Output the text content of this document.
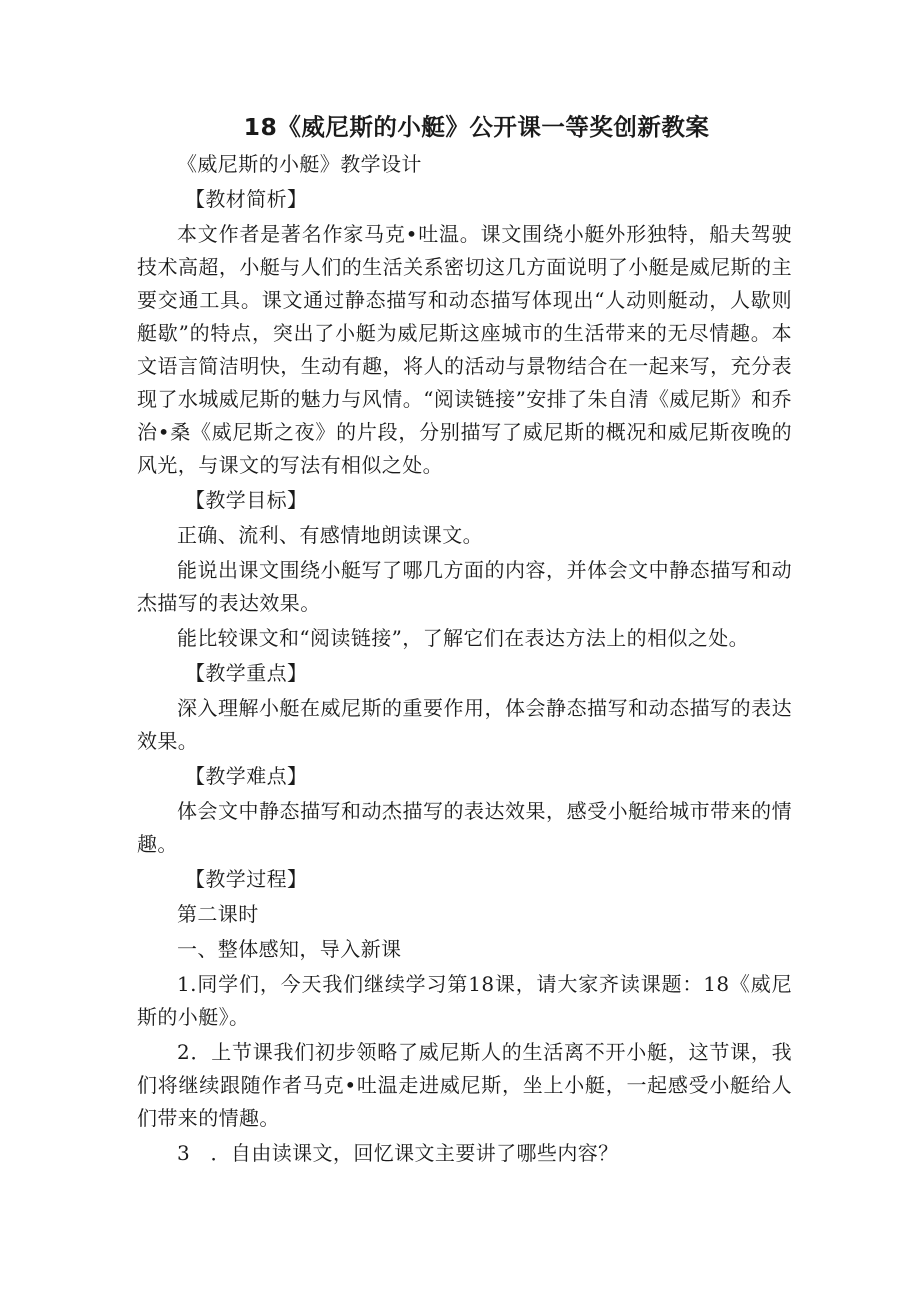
18《威尼斯的小艇》公开课一等奖创新教案

《威尼斯的小艇》教学设计

【教材简析】

本文作者是著名作家马克•吐温。课文围绕小艇外形独特，船夫驾驶技术高超，小艇与人们的生活关系密切这几方面说明了小艇是威尼斯的主要交通工具。课文通过静态描写和动态描写体现出“人动则艇动，人歇则艇歇”的特点，突出了小艇为威尼斯这座城市的生活带来的无尽情趣。本文语言简洁明快，生动有趣，将人的活动与景物结合在一起来写，充分表现了水城威尼斯的魅力与风情。“阅读链接”安排了朱自清《威尼斯》和乔治•桑《威尼斯之夜》的片段，分别描写了威尼斯的概况和威尼斯夜晚的风光，与课文的写法有相似之处。

【教学目标】

正确、流利、有感情地朗读课文。

能说出课文围绕小艇写了哪几方面的内容，并体会文中静态描写和动杰描写的表达效果。

能比较课文和“阅读链接”，了解它们在表达方法上的相似之处。

【教学重点】

深入理解小艇在威尼斯的重要作用，体会静态描写和动态描写的表达效果。

【教学难点】

体会文中静态描写和动杰描写的表达效果，感受小艇给城市带来的情趣。

【教学过程】

第二课时

一、整体感知，导入新课

1.同学们，今天我们继续学习第18课，请大家齐读课题：18《威尼斯的小艇》。

2．上节课我们初步领略了威尼斯人的生活离不开小艇，这节课，我们将继续跟随作者马克•吐温走进威尼斯，坐上小艇，一起感受小艇给人们带来的情趣。

3　．自由读课文，回忆课文主要讲了哪些内容？
